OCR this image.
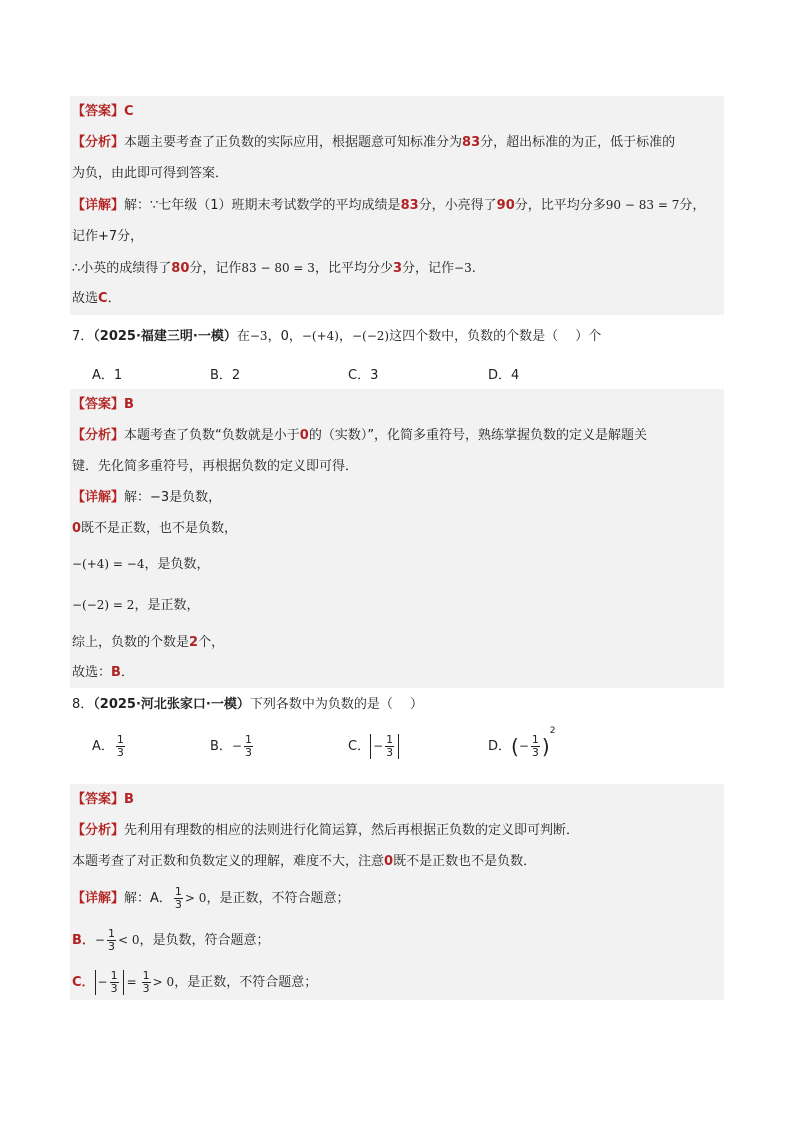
【答案】C
【分析】本题主要考查了正负数的实际应用，根据题意可知标准分为83分，超出标准的为正，低于标准的
为负，由此即可得到答案．
【详解】解：∵七年级（1）班期末考试数学的平均成绩是83分，小亮得了90分，比平均分多90 − 83 = 7分，
记作+7分，
∴小英的成绩得了80分，记作83 − 80 = 3，比平均分少3分，记作−3.
故选C．
7．（2025·福建三明·一模）在−3，0，−(+4)，−(−2)这四个数中，负数的个数是（　 ）个
A．1	B．2	C．3	D．4
【答案】B
【分析】本题考查了负数“负数就是小于0的（实数）”，化简多重符号，熟练掌握负数的定义是解题关
键．先化简多重符号，再根据负数的定义即可得．
【详解】解：−3是负数，
0既不是正数，也不是负数，
−(+4) = −4，是负数，
−(−2) = 2，是正数，
综上，负数的个数是2个，
故选：B．
8．（2025·河北张家口·一模）下列各数中为负数的是（　 ）
A． $\frac{1}{3}$	B．− $\frac{1}{3}$	C． − $\frac{1}{3}$	D．(− $\frac{1}{3} )^2$
【答案】B
【分析】先利用有理数的相应的法则进行化简运算，然后再根据正负数的定义即可判断．
本题考查了对正数和负数定义的理解，难度不大，注意0既不是正数也不是负数．
【详解】解：A． $\frac{1}{3} > 0$，是正数，不符合题意；
B．− $\frac{1}{3} < 0$，是负数，符合题意；
C． − $\frac{1}{3} = \frac{1}{3} > 0$，是正数，不符合题意；
